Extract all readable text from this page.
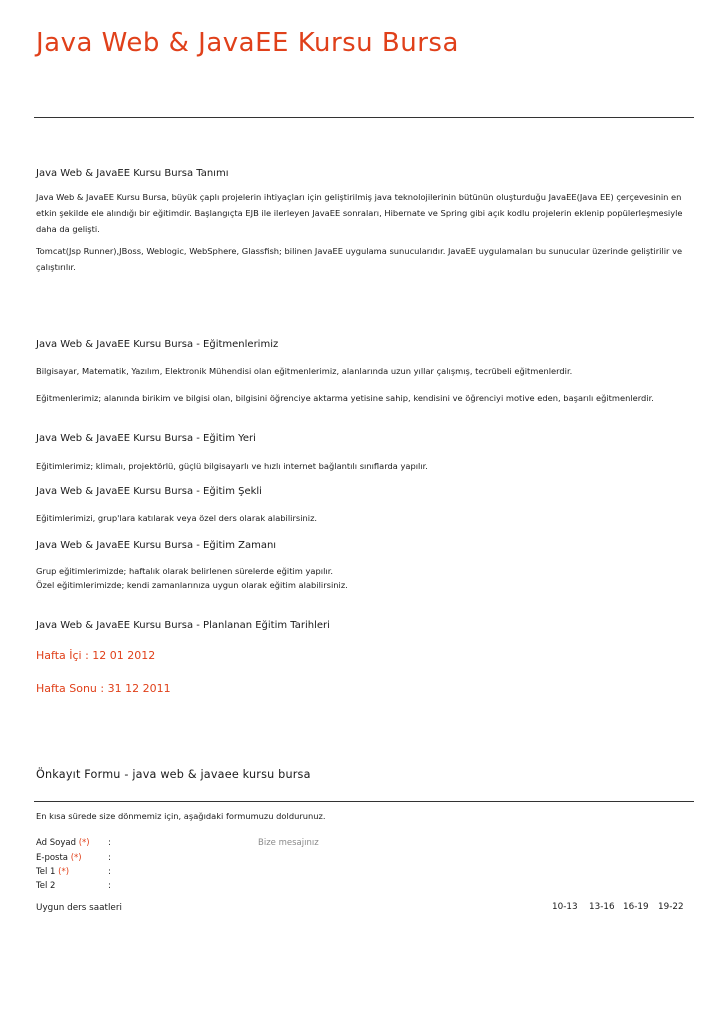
Java Web & JavaEE Kursu Bursa
Java Web & JavaEE Kursu Bursa Tanımı
Java Web & JavaEE Kursu Bursa, büyük çaplı projelerin ihtiyaçları için geliştirilmiş java teknolojilerinin bütünün oluşturduğu JavaEE(Java EE) çerçevesinin en etkin şekilde ele alındığı bir eğitimdir. Başlangıçta EJB ile ilerleyen JavaEE sonraları, Hibernate ve Spring gibi açık kodlu projelerin eklenip popülerleşmesiyle daha da gelişti.
Tomcat(Jsp Runner),JBoss, Weblogic, WebSphere, Glassfish; bilinen JavaEE uygulama sunucularıdır. JavaEE uygulamaları bu sunucular üzerinde geliştirilir ve çalıştırılır.
Java Web & JavaEE Kursu Bursa - Eğitmenlerimiz
Bilgisayar, Matematik, Yazılım, Elektronik Mühendisi olan eğitmenlerimiz, alanlarında uzun yıllar çalışmış, tecrübeli eğitmenlerdir.
Eğitmenlerimiz; alanında birikim ve bilgisi olan, bilgisini öğrenciye aktarma yetisine sahip, kendisini ve öğrenciyi motive eden, başarılı eğitmenlerdir.
Java Web & JavaEE Kursu Bursa - Eğitim Yeri
Eğitimlerimiz; klimalı, projektörlü, güçlü bilgisayarlı ve hızlı internet bağlantılı sınıflarda yapılır.
Java Web & JavaEE Kursu Bursa - Eğitim Şekli
Eğitimlerimizi, grup'lara katılarak veya özel ders olarak alabilirsiniz.
Java Web & JavaEE Kursu Bursa - Eğitim Zamanı
Grup eğitimlerimizde; haftalık olarak belirlenen sürelerde eğitim yapılır.
Özel eğitimlerimizde; kendi zamanlarınıza uygun olarak eğitim alabilirsiniz.
Java Web & JavaEE Kursu Bursa - Planlanan Eğitim Tarihleri
Hafta İçi : 12 01 2012
Hafta Sonu : 31 12 2011
Önkayıt Formu - java web & javaee kursu bursa
En kısa sürede size dönmemiz için, aşağıdaki formumuzu doldurunuz.
Ad Soyad (*) :
E-posta (*)	:
Tel 1 (*)	:
Tel 2	:
Bize mesajınız
Uygun ders saatleri	10-13 13-16 16-19 19-22
